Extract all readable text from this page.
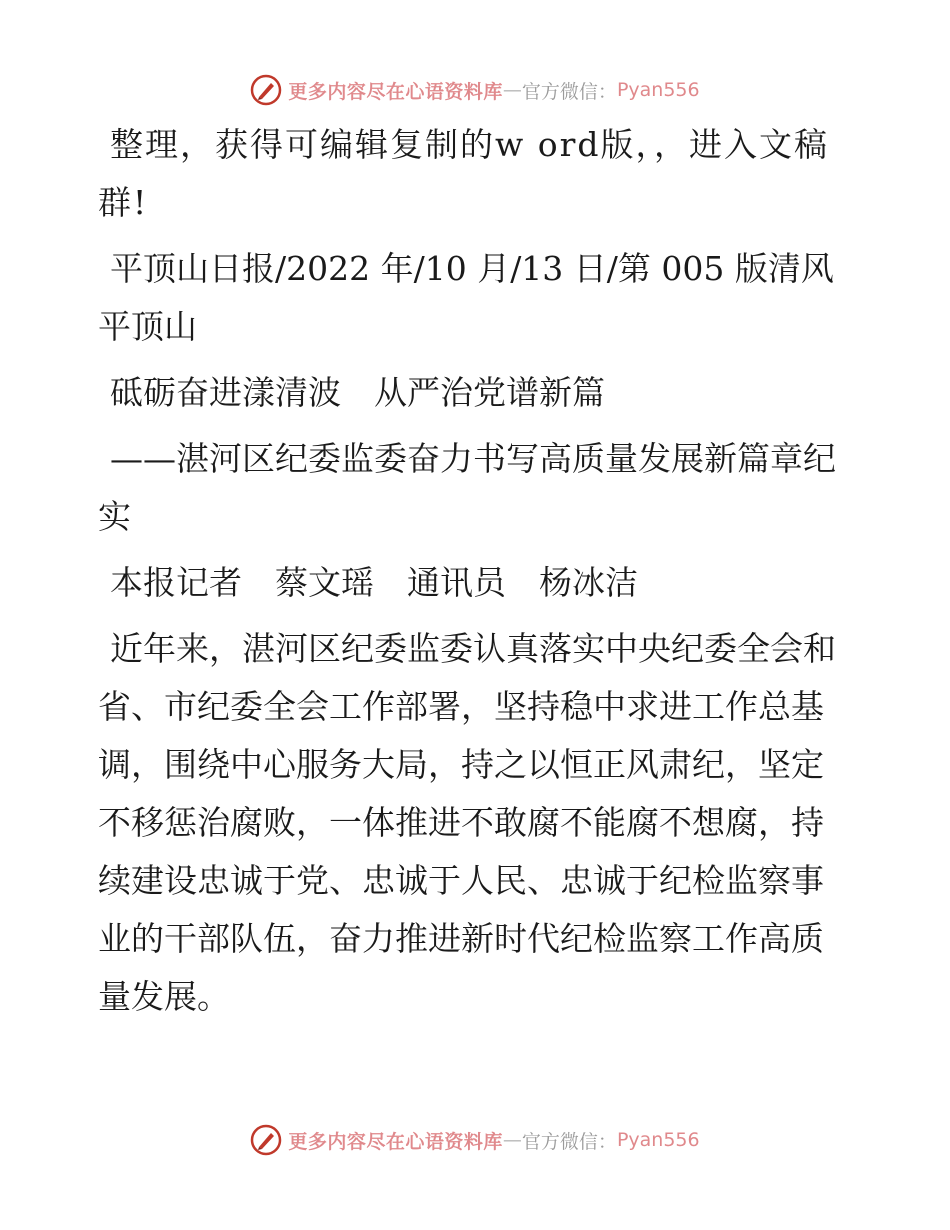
更多内容尽在心语资料库 — 官方微信： Pyan556

整理，获得可编辑复制的w ord版，，进入文稿群!

平顶山日报/2022 年/10 月/13 日/第 005 版清风平顶山

砥砺奋进漾清波　从严治党谱新篇

——湛河区纪委监委奋力书写高质量发展新篇章纪实

本报记者　蔡文瑶　通讯员　杨冰洁

近年来，湛河区纪委监委认真落实中央纪委全会和省、市纪委全会工作部署，坚持稳中求进工作总基调，围绕中心服务大局，持之以恒正风肃纪，坚定不移惩治腐败，一体推进不敢腐不能腐不想腐，持续建设忠诚于党、忠诚于人民、忠诚于纪检监察事业的干部队伍，奋力推进新时代纪检监察工作高质量发展。

更多内容尽在心语资料库 — 官方微信： Pyan556
